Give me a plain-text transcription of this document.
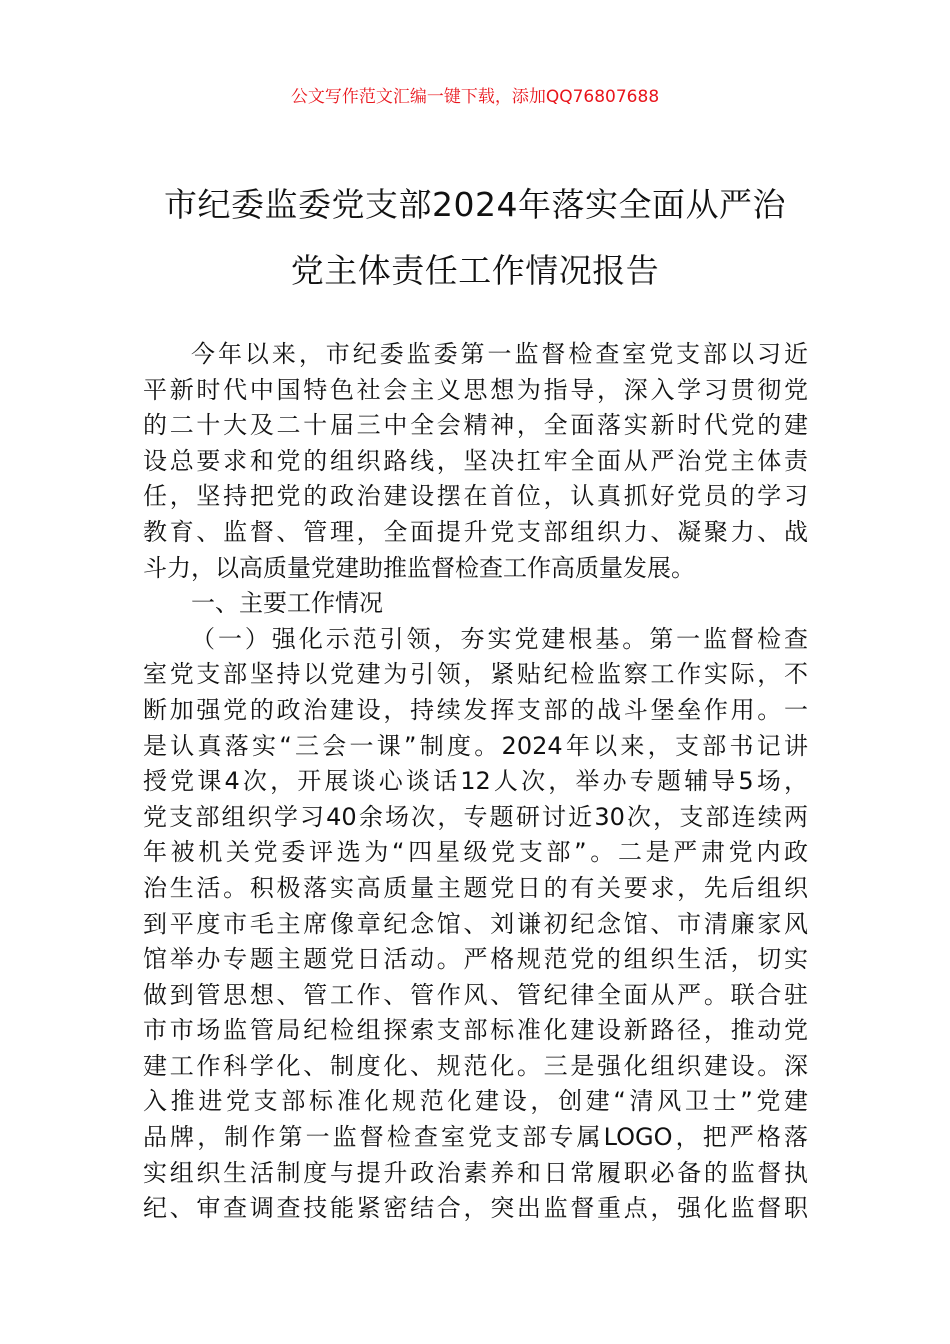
公文写作范文汇编一键下载，添加QQ76807688
市纪委监委党支部2024年落实全面从严治
党主体责任工作情况报告
今年以来，市纪委监委第一监督检查室党支部以习近
平新时代中国特色社会主义思想为指导，深入学习贯彻党
的二十大及二十届三中全会精神，全面落实新时代党的建
设总要求和党的组织路线，坚决扛牢全面从严治党主体责
任，坚持把党的政治建设摆在首位，认真抓好党员的学习
教育、监督、管理，全面提升党支部组织力、凝聚力、战
斗力，以高质量党建助推监督检查工作高质量发展。
一、主要工作情况
（一）强化示范引领，夯实党建根基。第一监督检查
室党支部坚持以党建为引领，紧贴纪检监察工作实际，不
断加强党的政治建设，持续发挥支部的战斗堡垒作用。一
是认真落实“三会一课”制度。2024年以来，支部书记讲
授党课4次，开展谈心谈话12人次，举办专题辅导5场，
党支部组织学习40余场次，专题研讨近30次，支部连续两
年被机关党委评选为“四星级党支部”。二是严肃党内政
治生活。积极落实高质量主题党日的有关要求，先后组织
到平度市毛主席像章纪念馆、刘谦初纪念馆、市清廉家风
馆举办专题主题党日活动。严格规范党的组织生活，切实
做到管思想、管工作、管作风、管纪律全面从严。联合驻
市市场监管局纪检组探索支部标准化建设新路径，推动党
建工作科学化、制度化、规范化。三是强化组织建设。深
入推进党支部标准化规范化建设，创建“清风卫士”党建
品牌，制作第一监督检查室党支部专属LOGO，把严格落
实组织生活制度与提升政治素养和日常履职必备的监督执
纪、审查调查技能紧密结合，突出监督重点，强化监督职
